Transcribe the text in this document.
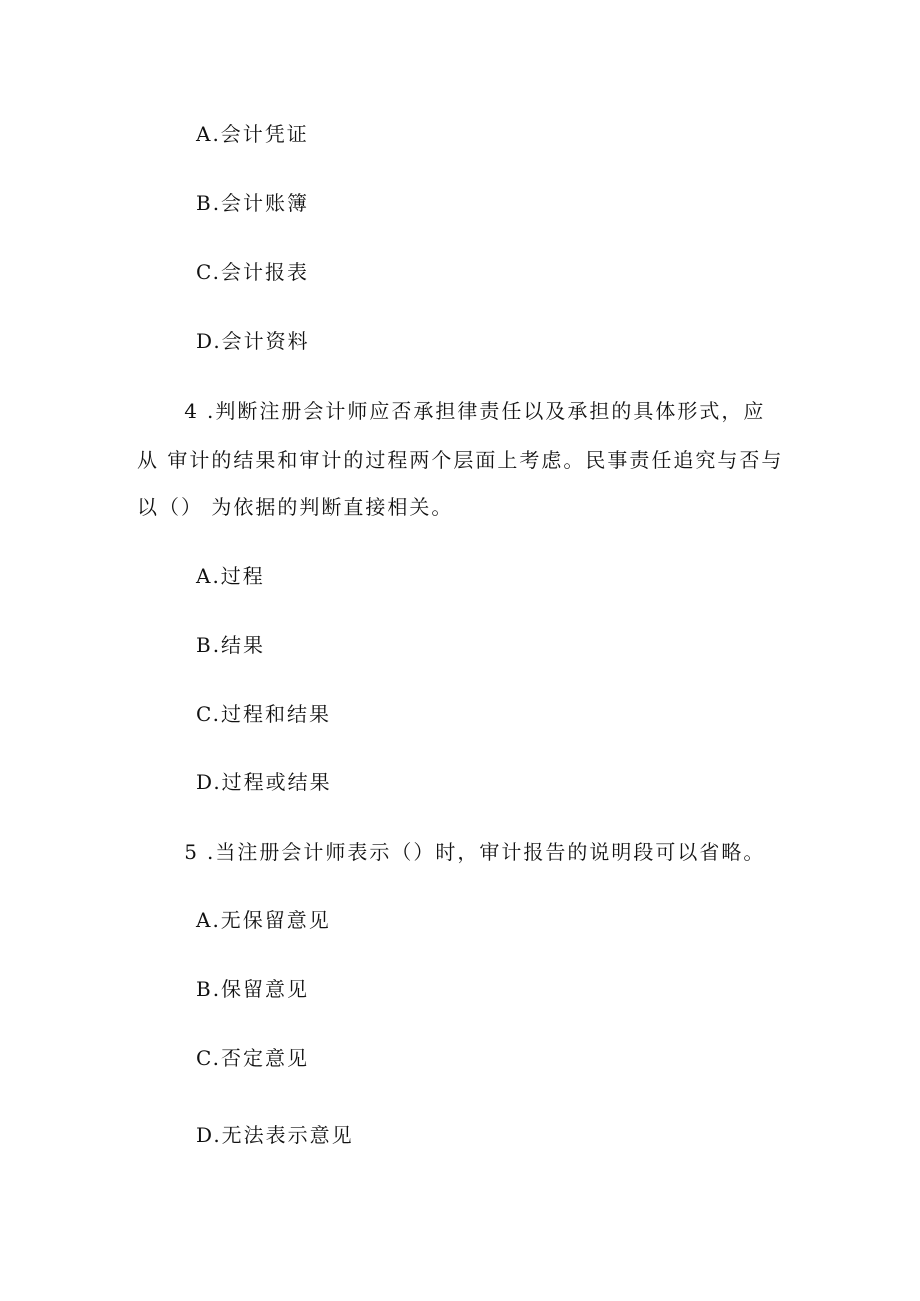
A.会计凭证
B.会计账簿
C.会计报表
D.会计资料
4 .判断注册会计师应否承担律责任以及承担的具体形式，应
从 审计的结果和审计的过程两个层面上考虑。民事责任追究与否与
以（） 为依据的判断直接相关。
A.过程
B.结果
C.过程和结果
D.过程或结果
5 .当注册会计师表示（）时，审计报告的说明段可以省略。
A.无保留意见
B.保留意见
C.否定意见
D.无法表示意见
